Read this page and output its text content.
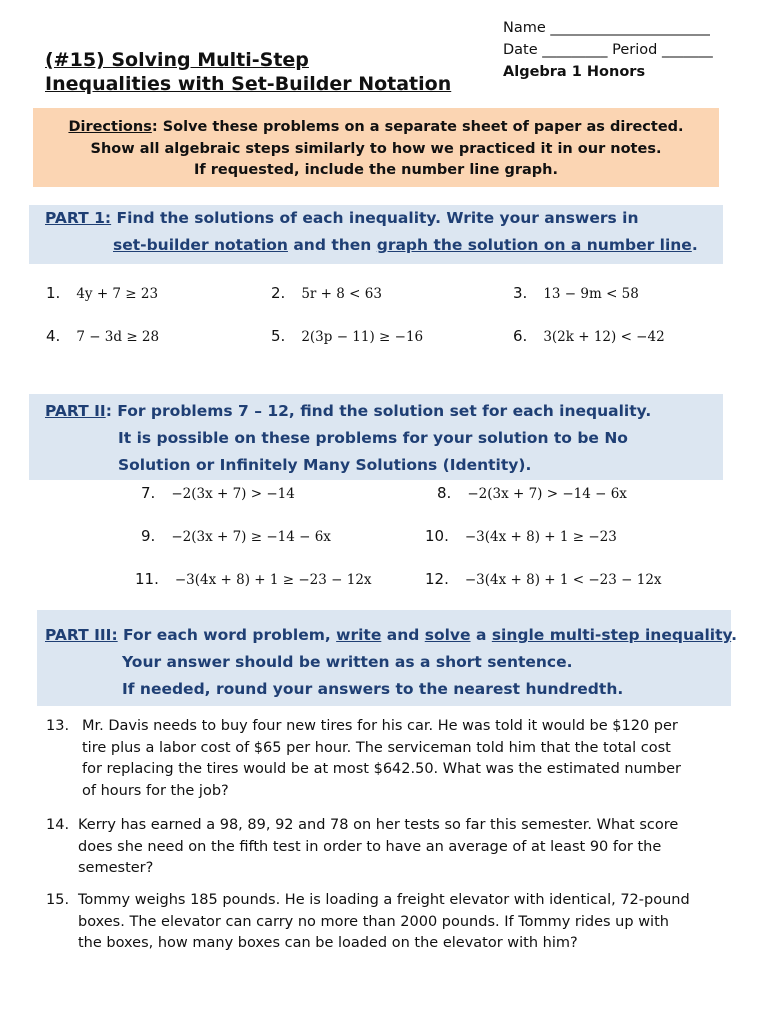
(#15) Solving Multi-Step
Inequalities with Set-Builder Notation
Name ______________________
Date _________ Period _______
Algebra 1 Honors
Directions: Solve these problems on a separate sheet of paper as directed.
Show all algebraic steps similarly to how we practiced it in our notes.
If requested, include the number line graph.
PART 1: Find the solutions of each inequality. Write your answers in
set-builder notation and then graph the solution on a number line.
1. 4y + 7 ≥ 23	2. 5r + 8 < 63	3. 13 − 9m < 58
4. 7 − 3d ≥ 28	5. 2(3p − 11) ≥ −16	6. 3(2k + 12) < −42
PART II: For problems 7 – 12, find the solution set for each inequality.
It is possible on these problems for your solution to be No
Solution or Infinitely Many Solutions (Identity).
7. −2(3x + 7) > −14	8. −2(3x + 7) > −14 − 6x
9. −2(3x + 7) ≥ −14 − 6x	10. −3(4x + 8) + 1 ≥ −23
11. −3(4x + 8) + 1 ≥ −23 − 12x	12. −3(4x + 8) + 1 < −23 − 12x
PART III: For each word problem, write and solve a single multi-step inequality.
Your answer should be written as a short sentence.
If needed, round your answers to the nearest hundredth.
13. Mr. Davis needs to buy four new tires for his car. He was told it would be $120 per
tire plus a labor cost of $65 per hour. The serviceman told him that the total cost
for replacing the tires would be at most $642.50. What was the estimated number
of hours for the job?
14. Kerry has earned a 98, 89, 92 and 78 on her tests so far this semester. What score
does she need on the fifth test in order to have an average of at least 90 for the
semester?
15. Tommy weighs 185 pounds. He is loading a freight elevator with identical, 72-pound
boxes. The elevator can carry no more than 2000 pounds. If Tommy rides up with
the boxes, how many boxes can be loaded on the elevator with him?
